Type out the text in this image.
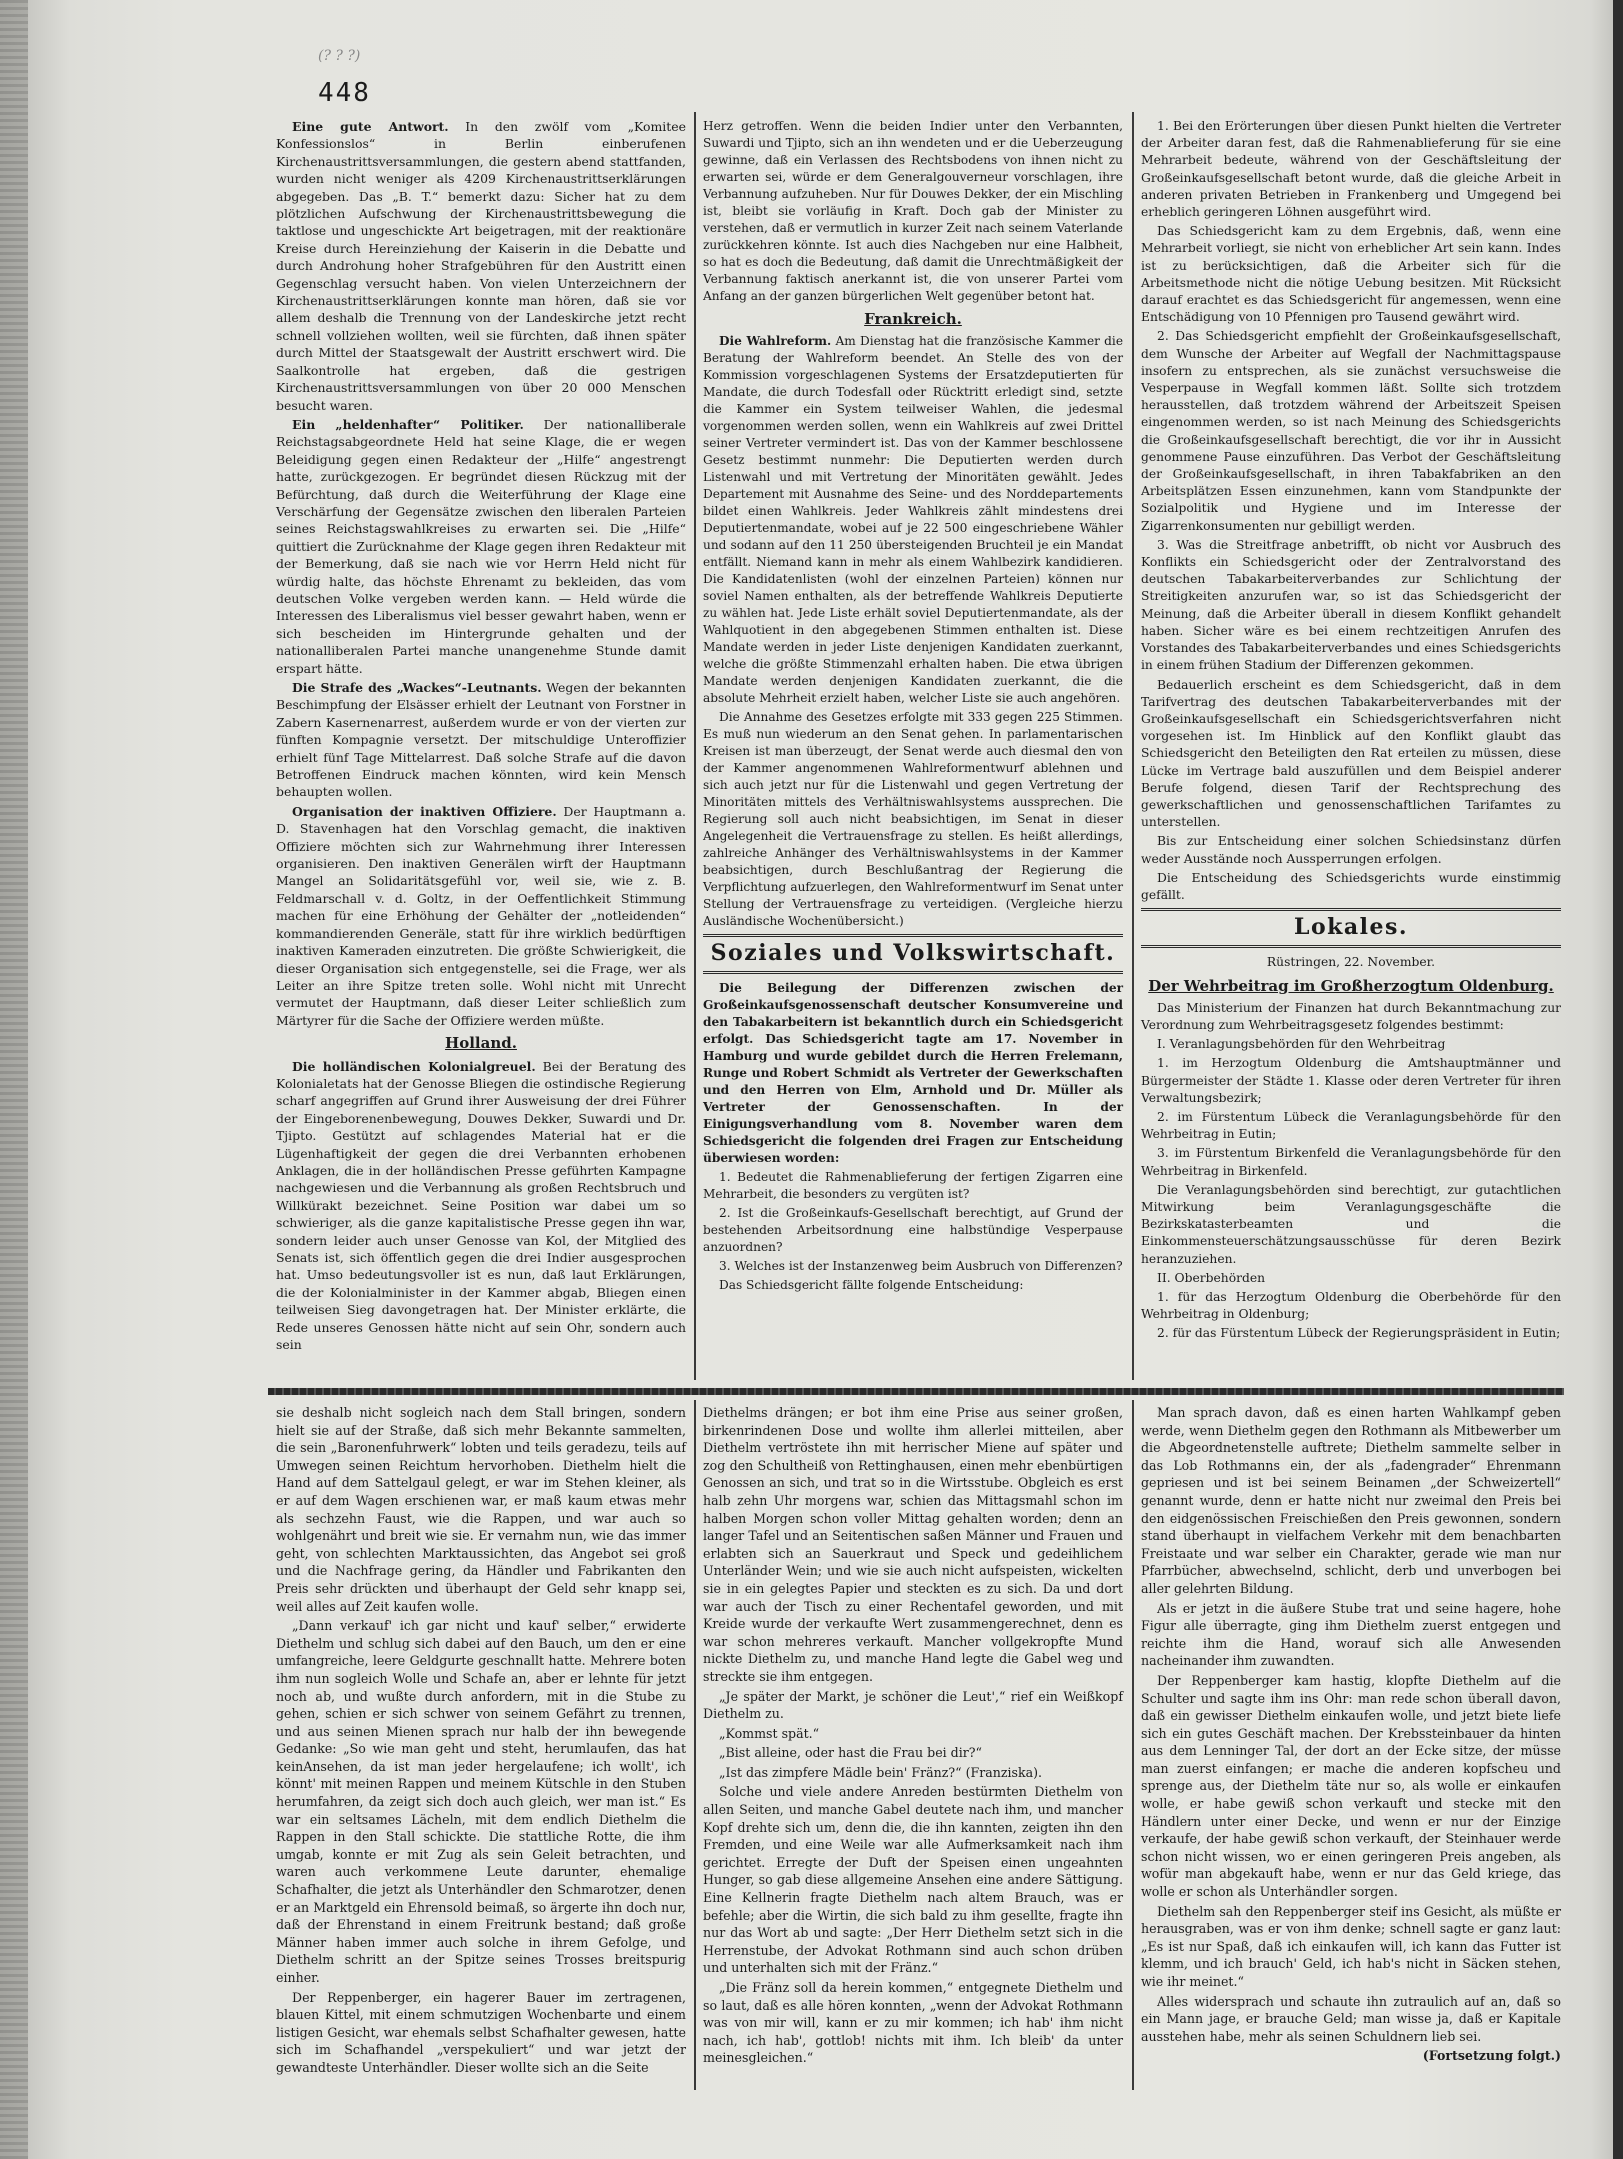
(? ? ?)
448

Eine gute Antwort. In den zwölf vom „Komitee Konfessionslos“ in Berlin einberufenen Kirchenaustrittsversammlungen, die gestern abend stattfanden, wurden nicht weniger als 4209 Kirchenaustrittserklärungen abgegeben. Das „B. T.“ bemerkt dazu: Sicher hat zu dem plötzlichen Aufschwung der Kirchenaustrittsbewegung die taktlose und ungeschickte Art beigetragen, mit der reaktionäre Kreise durch Hereinziehung der Kaiserin in die Debatte und durch Androhung hoher Strafgebühren für den Austritt einen Gegenschlag versucht haben. Von vielen Unterzeichnern der Kirchenaustrittserklärungen konnte man hören, daß sie vor allem deshalb die Trennung von der Landeskirche jetzt recht schnell vollziehen wollten, weil sie fürchten, daß ihnen später durch Mittel der Staatsgewalt der Austritt erschwert wird. Die Saalkontrolle hat ergeben, daß die gestrigen Kirchenaustrittsversammlungen von über 20 000 Menschen besucht waren.

Ein „heldenhafter“ Politiker. Der nationalliberale Reichstagsabgeordnete Held hat seine Klage, die er wegen Beleidigung gegen einen Redakteur der „Hilfe“ angestrengt hatte, zurückgezogen. Er begründet diesen Rückzug mit der Befürchtung, daß durch die Weiterführung der Klage eine Verschärfung der Gegensätze zwischen den liberalen Parteien seines Reichstagswahlkreises zu erwarten sei. Die „Hilfe“ quittiert die Zurücknahme der Klage gegen ihren Redakteur mit der Bemerkung, daß sie nach wie vor Herrn Held nicht für würdig halte, das höchste Ehrenamt zu bekleiden, das vom deutschen Volke vergeben werden kann. — Held würde die Interessen des Liberalismus viel besser gewahrt haben, wenn er sich bescheiden im Hintergrunde gehalten und der nationalliberalen Partei manche unangenehme Stunde damit erspart hätte.

Die Strafe des „Wackes“-Leutnants. Wegen der bekannten Beschimpfung der Elsässer erhielt der Leutnant von Forstner in Zabern Kasernenarrest, außerdem wurde er von der vierten zur fünften Kompagnie versetzt. Der mitschuldige Unteroffizier erhielt fünf Tage Mittelarrest. Daß solche Strafe auf die davon Betroffenen Eindruck machen könnten, wird kein Mensch behaupten wollen.

Organisation der inaktiven Offiziere. Der Hauptmann a. D. Stavenhagen hat den Vorschlag gemacht, die inaktiven Offiziere möchten sich zur Wahrnehmung ihrer Interessen organisieren. Den inaktiven Generälen wirft der Hauptmann Mangel an Solidaritätsgefühl vor, weil sie, wie z. B. Feldmarschall v. d. Goltz, in der Oeffentlichkeit Stimmung machen für eine Erhöhung der Gehälter der „notleidenden“ kommandierenden Generäle, statt für ihre wirklich bedürftigen inaktiven Kameraden einzutreten. Die größte Schwierigkeit, die dieser Organisation sich entgegenstelle, sei die Frage, wer als Leiter an ihre Spitze treten solle. Wohl nicht mit Unrecht vermutet der Hauptmann, daß dieser Leiter schließlich zum Märtyrer für die Sache der Offiziere werden müßte.

Holland.

Die holländischen Kolonialgreuel. Bei der Beratung des Kolonialetats hat der Genosse Bliegen die ostindische Regierung scharf angegriffen auf Grund ihrer Ausweisung der drei Führer der Eingeborenenbewegung, Douwes Dekker, Suwardi und Dr. Tjipto. Gestützt auf schlagendes Material hat er die Lügenhaftigkeit der gegen die drei Verbannten erhobenen Anklagen, die in der holländischen Presse geführten Kampagne nachgewiesen und die Verbannung als großen Rechtsbruch und Willkürakt bezeichnet. Seine Position war dabei um so schwieriger, als die ganze kapitalistische Presse gegen ihn war, sondern leider auch unser Genosse van Kol, der Mitglied des Senats ist, sich öffentlich gegen die drei Indier ausgesprochen hat. Umso bedeutungsvoller ist es nun, daß laut Erklärungen, die der Kolonialminister in der Kammer abgab, Bliegen einen teilweisen Sieg davongetragen hat. Der Minister erklärte, die Rede unseres Genossen hätte nicht auf sein Ohr, sondern auch sein

Herz getroffen. Wenn die beiden Indier unter den Verbannten, Suwardi und Tjipto, sich an ihn wendeten und er die Ueberzeugung gewinne, daß ein Verlassen des Rechtsbodens von ihnen nicht zu erwarten sei, würde er dem Generalgouverneur vorschlagen, ihre Verbannung aufzuheben. Nur für Douwes Dekker, der ein Mischling ist, bleibt sie vorläufig in Kraft. Doch gab der Minister zu verstehen, daß er vermutlich in kurzer Zeit nach seinem Vaterlande zurückkehren könnte. Ist auch dies Nachgeben nur eine Halbheit, so hat es doch die Bedeutung, daß damit die Unrechtmäßigkeit der Verbannung faktisch anerkannt ist, die von unserer Partei vom Anfang an der ganzen bürgerlichen Welt gegenüber betont hat.

Frankreich.

Die Wahlreform. Am Dienstag hat die französische Kammer die Beratung der Wahlreform beendet. An Stelle des von der Kommission vorgeschlagenen Systems der Ersatzdeputierten für Mandate, die durch Todesfall oder Rücktritt erledigt sind, setzte die Kammer ein System teilweiser Wahlen, die jedesmal vorgenommen werden sollen, wenn ein Wahlkreis auf zwei Drittel seiner Vertreter vermindert ist. Das von der Kammer beschlossene Gesetz bestimmt nunmehr: Die Deputierten werden durch Listenwahl und mit Vertretung der Minoritäten gewählt. Jedes Departement mit Ausnahme des Seine- und des Norddepartements bildet einen Wahlkreis. Jeder Wahlkreis zählt mindestens drei Deputiertenmandate, wobei auf je 22 500 eingeschriebene Wähler und sodann auf den 11 250 übersteigenden Bruchteil je ein Mandat entfällt. Niemand kann in mehr als einem Wahlbezirk kandidieren. Die Kandidatenlisten (wohl der einzelnen Parteien) können nur soviel Namen enthalten, als der betreffende Wahlkreis Deputierte zu wählen hat. Jede Liste erhält soviel Deputiertenmandate, als der Wahlquotient in den abgegebenen Stimmen enthalten ist. Diese Mandate werden in jeder Liste denjenigen Kandidaten zuerkannt, welche die größte Stimmenzahl erhalten haben. Die etwa übrigen Mandate werden denjenigen Kandidaten zuerkannt, die die absolute Mehrheit erzielt haben, welcher Liste sie auch angehören.

Die Annahme des Gesetzes erfolgte mit 333 gegen 225 Stimmen. Es muß nun wiederum an den Senat gehen. In parlamentarischen Kreisen ist man überzeugt, der Senat werde auch diesmal den von der Kammer angenommenen Wahlreformentwurf ablehnen und sich auch jetzt nur für die Listenwahl und gegen Vertretung der Minoritäten mittels des Verhältniswahlsystems aussprechen. Die Regierung soll auch nicht beabsichtigen, im Senat in dieser Angelegenheit die Vertrauensfrage zu stellen. Es heißt allerdings, zahlreiche Anhänger des Verhältniswahlsystems in der Kammer beabsichtigen, durch Beschlußantrag der Regierung die Verpflichtung aufzuerlegen, den Wahlreformentwurf im Senat unter Stellung der Vertrauensfrage zu verteidigen. (Vergleiche hierzu Ausländische Wochenübersicht.)

Soziales und Volkswirtschaft.

Die Beilegung der Differenzen zwischen der Großeinkaufsgenossenschaft deutscher Konsumvereine und den Tabakarbeitern ist bekanntlich durch ein Schiedsgericht erfolgt. Das Schiedsgericht tagte am 17. November in Hamburg und wurde gebildet durch die Herren Frelemann, Runge und Robert Schmidt als Vertreter der Gewerkschaften und den Herren von Elm, Arnhold und Dr. Müller als Vertreter der Genossenschaften. In der Einigungsverhandlung vom 8. November waren dem Schiedsgericht die folgenden drei Fragen zur Entscheidung überwiesen worden:

1. Bedeutet die Rahmenablieferung der fertigen Zigarren eine Mehrarbeit, die besonders zu vergüten ist?

2. Ist die Großeinkaufs-Gesellschaft berechtigt, auf Grund der bestehenden Arbeitsordnung eine halbstündige Vesperpause anzuordnen?

3. Welches ist der Instanzenweg beim Ausbruch von Differenzen?

Das Schiedsgericht fällte folgende Entscheidung:

1. Bei den Erörterungen über diesen Punkt hielten die Vertreter der Arbeiter daran fest, daß die Rahmenablieferung für sie eine Mehrarbeit bedeute, während von der Geschäftsleitung der Großeinkaufsgesellschaft betont wurde, daß die gleiche Arbeit in anderen privaten Betrieben in Frankenberg und Umgegend bei erheblich geringeren Löhnen ausgeführt wird.

Das Schiedsgericht kam zu dem Ergebnis, daß, wenn eine Mehrarbeit vorliegt, sie nicht von erheblicher Art sein kann. Indes ist zu berücksichtigen, daß die Arbeiter sich für die Arbeitsmethode nicht die nötige Uebung besitzen. Mit Rücksicht darauf erachtet es das Schiedsgericht für angemessen, wenn eine Entschädigung von 10 Pfennigen pro Tausend gewährt wird.

2. Das Schiedsgericht empfiehlt der Großeinkaufsgesellschaft, dem Wunsche der Arbeiter auf Wegfall der Nachmittagspause insofern zu entsprechen, als sie zunächst versuchsweise die Vesperpause in Wegfall kommen läßt. Sollte sich trotzdem herausstellen, daß trotzdem während der Arbeitszeit Speisen eingenommen werden, so ist nach Meinung des Schiedsgerichts die Großeinkaufsgesellschaft berechtigt, die vor ihr in Aussicht genommene Pause einzuführen. Das Verbot der Geschäftsleitung der Großeinkaufsgesellschaft, in ihren Tabakfabriken an den Arbeitsplätzen Essen einzunehmen, kann vom Standpunkte der Sozialpolitik und Hygiene und im Interesse der Zigarrenkonsumenten nur gebilligt werden.

3. Was die Streitfrage anbetrifft, ob nicht vor Ausbruch des Konflikts ein Schiedsgericht oder der Zentralvorstand des deutschen Tabakarbeiterverbandes zur Schlichtung der Streitigkeiten anzurufen war, so ist das Schiedsgericht der Meinung, daß die Arbeiter überall in diesem Konflikt gehandelt haben. Sicher wäre es bei einem rechtzeitigen Anrufen des Vorstandes des Tabakarbeiterverbandes und eines Schiedsgerichts in einem frühen Stadium der Differenzen gekommen.

Bedauerlich erscheint es dem Schiedsgericht, daß in dem Tarifvertrag des deutschen Tabakarbeiterverbandes mit der Großeinkaufsgesellschaft ein Schiedsgerichtsverfahren nicht vorgesehen ist. Im Hinblick auf den Konflikt glaubt das Schiedsgericht den Beteiligten den Rat erteilen zu müssen, diese Lücke im Vertrage bald auszufüllen und dem Beispiel anderer Berufe folgend, diesen Tarif der Rechtsprechung des gewerkschaftlichen und genossenschaftlichen Tarifamtes zu unterstellen.

Bis zur Entscheidung einer solchen Schiedsinstanz dürfen weder Ausstände noch Aussperrungen erfolgen.

Die Entscheidung des Schiedsgerichts wurde einstimmig gefällt.

Lokales.

Rüstringen, 22. November.

Der Wehrbeitrag im Großherzogtum Oldenburg.

Das Ministerium der Finanzen hat durch Bekanntmachung zur Verordnung zum Wehrbeitragsgesetz folgendes bestimmt:

I. Veranlagungsbehörden für den Wehrbeitrag

1. im Herzogtum Oldenburg die Amtshauptmänner und Bürgermeister der Städte 1. Klasse oder deren Vertreter für ihren Verwaltungsbezirk;

2. im Fürstentum Lübeck die Veranlagungsbehörde für den Wehrbeitrag in Eutin;

3. im Fürstentum Birkenfeld die Veranlagungsbehörde für den Wehrbeitrag in Birkenfeld.

Die Veranlagungsbehörden sind berechtigt, zur gutachtlichen Mitwirkung beim Veranlagungsgeschäfte die Bezirkskatasterbeamten und die Einkommensteuerschätzungsausschüsse für deren Bezirk heranzuziehen.

II. Oberbehörden

1. für das Herzogtum Oldenburg die Oberbehörde für den Wehrbeitrag in Oldenburg;

2. für das Fürstentum Lübeck der Regierungspräsident in Eutin;

sie deshalb nicht sogleich nach dem Stall bringen, sondern hielt sie auf der Straße, daß sich mehr Bekannte sammelten, die sein „Baronenfuhrwerk“ lobten und teils geradezu, teils auf Umwegen seinen Reichtum hervorhoben. Diethelm hielt die Hand auf dem Sattelgaul gelegt, er war im Stehen kleiner, als er auf dem Wagen erschienen war, er maß kaum etwas mehr als sechzehn Faust, wie die Rappen, und war auch so wohlgenährt und breit wie sie. Er vernahm nun, wie das immer geht, von schlechten Marktaussichten, das Angebot sei groß und die Nachfrage gering, da Händler und Fabrikanten den Preis sehr drückten und überhaupt der Geld sehr knapp sei, weil alles auf Zeit kaufen wolle.

„Dann verkauf' ich gar nicht und kauf' selber,“ erwiderte Diethelm und schlug sich dabei auf den Bauch, um den er eine umfangreiche, leere Geldgurte geschnallt hatte. Mehrere boten ihm nun sogleich Wolle und Schafe an, aber er lehnte für jetzt noch ab, und wußte durch anfordern, mit in die Stube zu gehen, schien er sich schwer von seinem Gefährt zu trennen, und aus seinen Mienen sprach nur halb der ihn bewegende Gedanke: „So wie man geht und steht, herumlaufen, das hat keinAnsehen, da ist man jeder hergelaufene; ich wollt', ich könnt' mit meinen Rappen und meinem Kütschle in den Stuben herumfahren, da zeigt sich doch auch gleich, wer man ist.“ Es war ein seltsames Lächeln, mit dem endlich Diethelm die Rappen in den Stall schickte. Die stattliche Rotte, die ihm umgab, konnte er mit Zug als sein Geleit betrachten, und waren auch verkommene Leute darunter, ehemalige Schafhalter, die jetzt als Unterhändler den Schmarotzer, denen er an Marktgeld ein Ehrensold beimaß, so ärgerte ihn doch nur, daß der Ehrenstand in einem Freitrunk bestand; daß große Männer haben immer auch solche in ihrem Gefolge, und Diethelm schritt an der Spitze seines Trosses breitspurig einher.

Der Reppenberger, ein hagerer Bauer im zertragenen, blauen Kittel, mit einem schmutzigen Wochenbarte und einem listigen Gesicht, war ehemals selbst Schafhalter gewesen, hatte sich im Schafhandel „verspekuliert“ und war jetzt der gewandteste Unterhändler. Dieser wollte sich an die Seite

Diethelms drängen; er bot ihm eine Prise aus seiner großen, birkenrindenen Dose und wollte ihm allerlei mitteilen, aber Diethelm vertröstete ihn mit herrischer Miene auf später und zog den Schultheiß von Rettinghausen, einen mehr ebenbürtigen Genossen an sich, und trat so in die Wirtsstube. Obgleich es erst halb zehn Uhr morgens war, schien das Mittagsmahl schon im halben Morgen schon voller Mittag gehalten worden; denn an langer Tafel und an Seitentischen saßen Männer und Frauen und erlabten sich an Sauerkraut und Speck und gedeihlichem Unterländer Wein; und wie sie auch nicht aufspeisten, wickelten sie in ein gelegtes Papier und steckten es zu sich. Da und dort war auch der Tisch zu einer Rechentafel geworden, und mit Kreide wurde der verkaufte Wert zusammengerechnet, denn es war schon mehreres verkauft. Mancher vollgekropfte Mund nickte Diethelm zu, und manche Hand legte die Gabel weg und streckte sie ihm entgegen.

„Je später der Markt, je schöner die Leut',“ rief ein Weißkopf Diethelm zu.

„Kommst spät.“

„Bist alleine, oder hast die Frau bei dir?“

„Ist das zimpfere Mädle bein' Fränz?“ (Franziska).

Solche und viele andere Anreden bestürmten Diethelm von allen Seiten, und manche Gabel deutete nach ihm, und mancher Kopf drehte sich um, denn die, die ihn kannten, zeigten ihn den Fremden, und eine Weile war alle Aufmerksamkeit nach ihm gerichtet. Erregte der Duft der Speisen einen ungeahnten Hunger, so gab diese allgemeine Ansehen eine andere Sättigung. Eine Kellnerin fragte Diethelm nach altem Brauch, was er befehle; aber die Wirtin, die sich bald zu ihm gesellte, fragte ihn nur das Wort ab und sagte: „Der Herr Diethelm setzt sich in die Herrenstube, der Advokat Rothmann sind auch schon drüben und unterhalten sich mit der Fränz.“

„Die Fränz soll da herein kommen,“ entgegnete Diethelm und so laut, daß es alle hören konnten, „wenn der Advokat Rothmann was von mir will, kann er zu mir kommen; ich hab' ihm nicht nach, ich hab', gottlob! nichts mit ihm. Ich bleib' da unter meinesgleichen.“

Man sprach davon, daß es einen harten Wahlkampf geben werde, wenn Diethelm gegen den Rothmann als Mitbewerber um die Abgeordnetenstelle auftrete; Diethelm sammelte selber in das Lob Rothmanns ein, der als „fadengrader“ Ehrenmann gepriesen und ist bei seinem Beinamen „der Schweizertell“ genannt wurde, denn er hatte nicht nur zweimal den Preis bei den eidgenössischen Freischießen den Preis gewonnen, sondern stand überhaupt in vielfachem Verkehr mit dem benachbarten Freistaate und war selber ein Charakter, gerade wie man nur Pfarrbücher, abwechselnd, schlicht, derb und unverbogen bei aller gelehrten Bildung.

Als er jetzt in die äußere Stube trat und seine hagere, hohe Figur alle überragte, ging ihm Diethelm zuerst entgegen und reichte ihm die Hand, worauf sich alle Anwesenden nacheinander ihm zuwandten.

Der Reppenberger kam hastig, klopfte Diethelm auf die Schulter und sagte ihm ins Ohr: man rede schon überall davon, daß ein gewisser Diethelm einkaufen wolle, und jetzt biete liefe sich ein gutes Geschäft machen. Der Krebssteinbauer da hinten aus dem Lenninger Tal, der dort an der Ecke sitze, der müsse man zuerst einfangen; er mache die anderen kopfscheu und sprenge aus, der Diethelm täte nur so, als wolle er einkaufen wolle, er habe gewiß schon verkauft und stecke mit den Händlern unter einer Decke, und wenn er nur der Einzige verkaufe, der habe gewiß schon verkauft, der Steinhauer werde schon nicht wissen, wo er einen geringeren Preis angeben, als wofür man abgekauft habe, wenn er nur das Geld kriege, das wolle er schon als Unterhändler sorgen.

Diethelm sah den Reppenberger steif ins Gesicht, als müßte er herausgraben, was er von ihm denke; schnell sagte er ganz laut: „Es ist nur Spaß, daß ich einkaufen will, ich kann das Futter ist klemm, und ich brauch' Geld, ich hab's nicht in Säcken stehen, wie ihr meinet.“

Alles widersprach und schaute ihn zutraulich auf an, daß so ein Mann jage, er brauche Geld; man wisse ja, daß er Kapitale ausstehen habe, mehr als seinen Schuldnern lieb sei.

(Fortsetzung folgt.)
